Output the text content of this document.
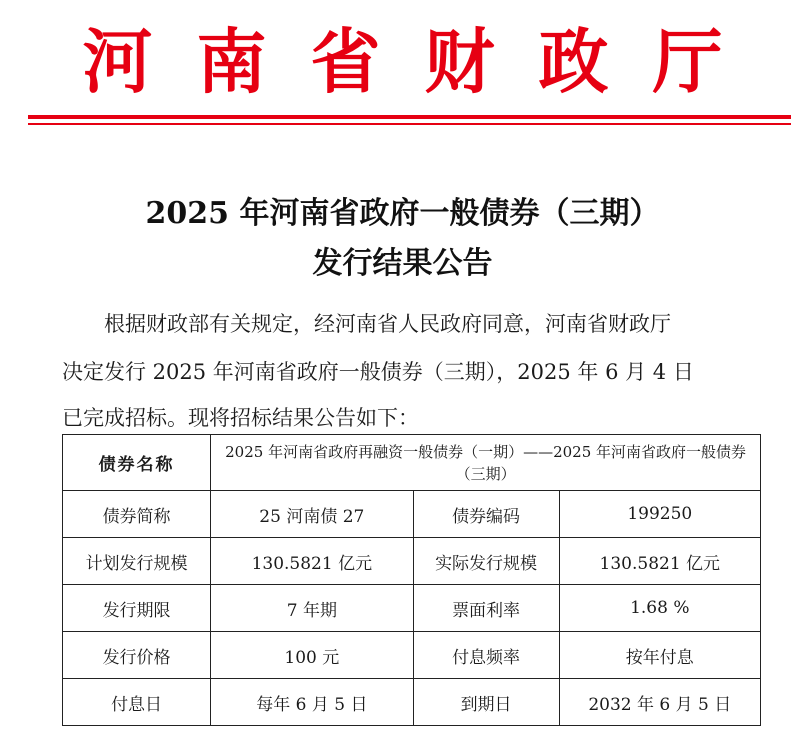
河南省财政厅
2025 年河南省政府一般债券（三期）
发行结果公告
根据财政部有关规定，经河南省人民政府同意，河南省财政厅
决定发行 2025 年河南省政府一般债券（三期），2025 年 6 月 4 日
已完成招标。现将招标结果公告如下：
债券名称	2025 年河南省政府再融资一般债券（一期）——2025 年河南省政府一般债券（三期）		
债券简称	25 河南债 27	债券编码	199250
计划发行规模	130.5821 亿元	实际发行规模	130.5821 亿元
发行期限	7 年期	票面利率	1.68 %
发行价格	100 元	付息频率	按年付息
付息日	每年 6 月 5 日	到期日	2032 年 6 月 5 日
